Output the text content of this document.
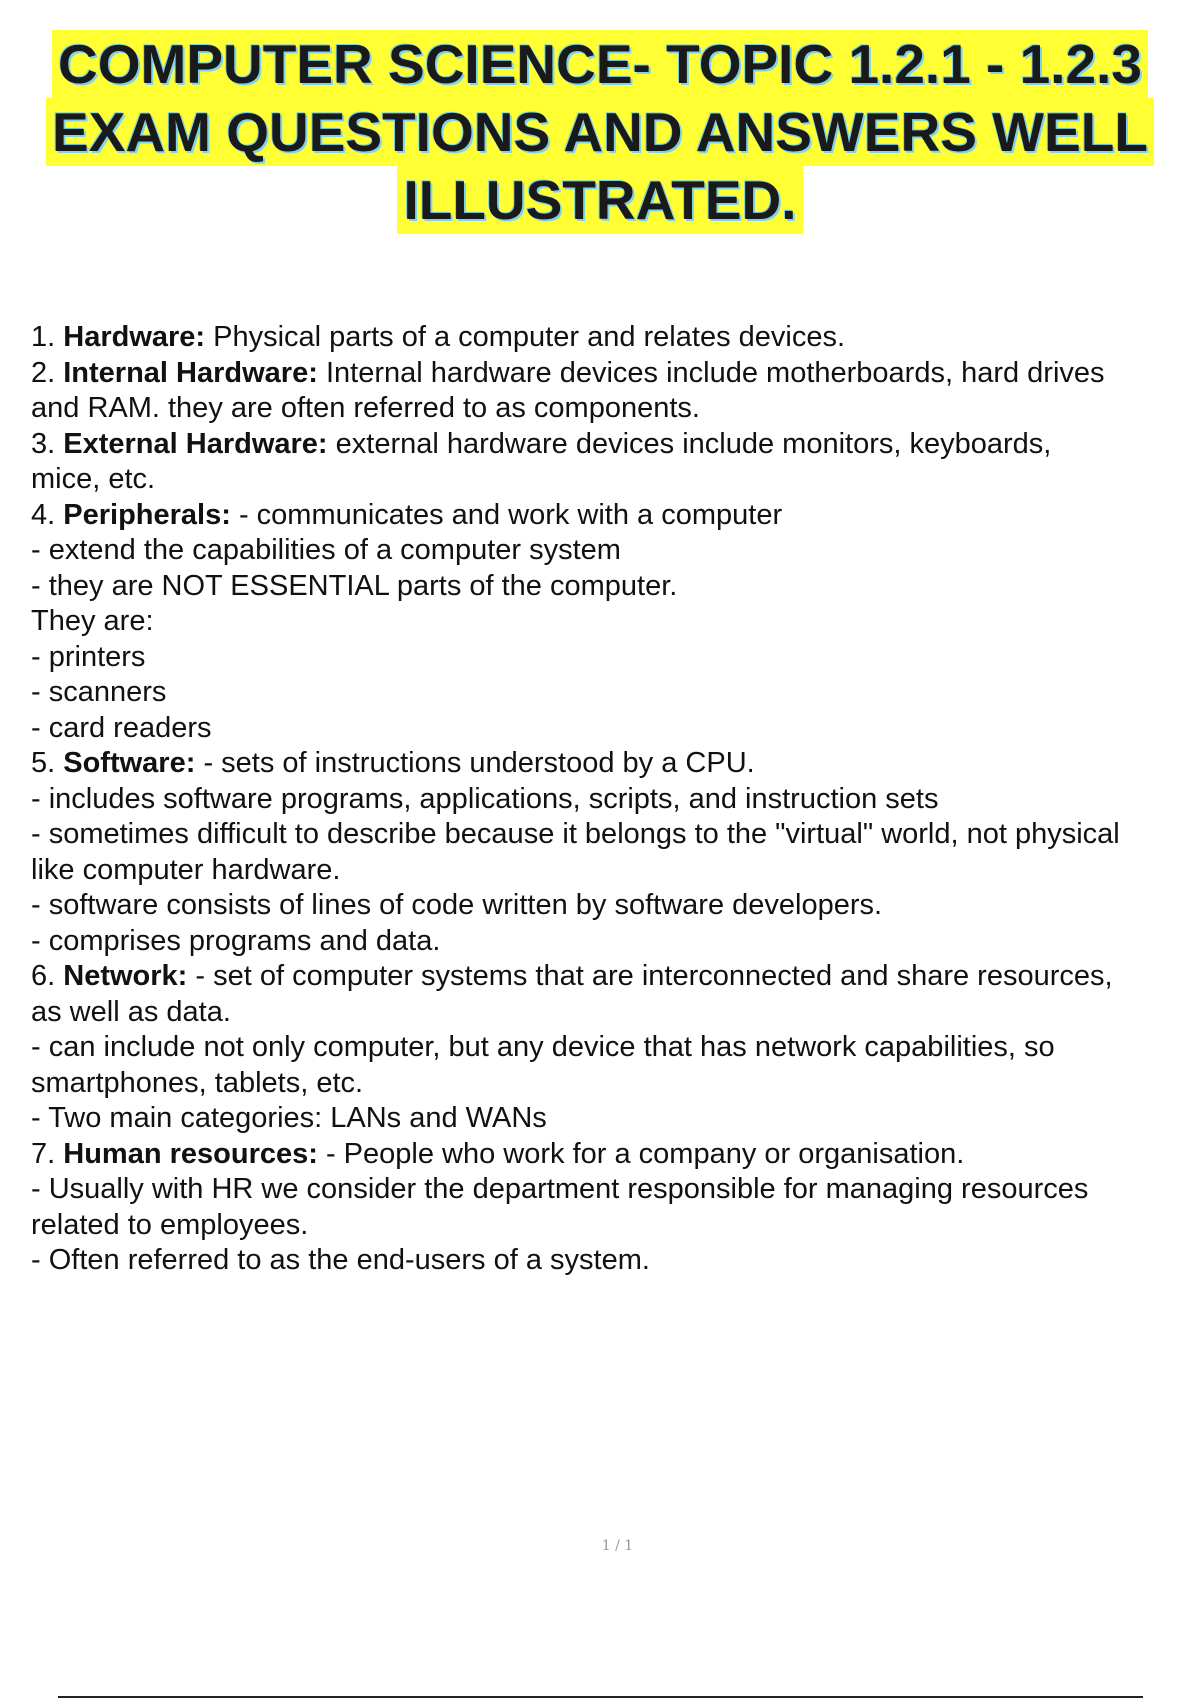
COMPUTER SCIENCE- TOPIC 1.2.1 - 1.2.3
EXAM QUESTIONS AND ANSWERS WELL
ILLUSTRATED.
1. Hardware: Physical parts of a computer and relates devices.
2. Internal Hardware: Internal hardware devices include motherboards, hard drives
and RAM. they are often referred to as components.
3. External Hardware: external hardware devices include monitors, keyboards,
mice, etc.
4. Peripherals: - communicates and work with a computer
- extend the capabilities of a computer system
- they are NOT ESSENTIAL parts of the computer.
They are:
- printers
- scanners
- card readers
5. Software: - sets of instructions understood by a CPU.
- includes software programs, applications, scripts, and instruction sets
- sometimes difficult to describe because it belongs to the "virtual" world, not physical
like computer hardware.
- software consists of lines of code written by software developers.
- comprises programs and data.
6. Network: - set of computer systems that are interconnected and share resources,
as well as data.
- can include not only computer, but any device that has network capabilities, so
smartphones, tablets, etc.
- Two main categories: LANs and WANs
7. Human resources: - People who work for a company or organisation.
- Usually with HR we consider the department responsible for managing resources
related to employees.
- Often referred to as the end-users of a system.
1 / 1
